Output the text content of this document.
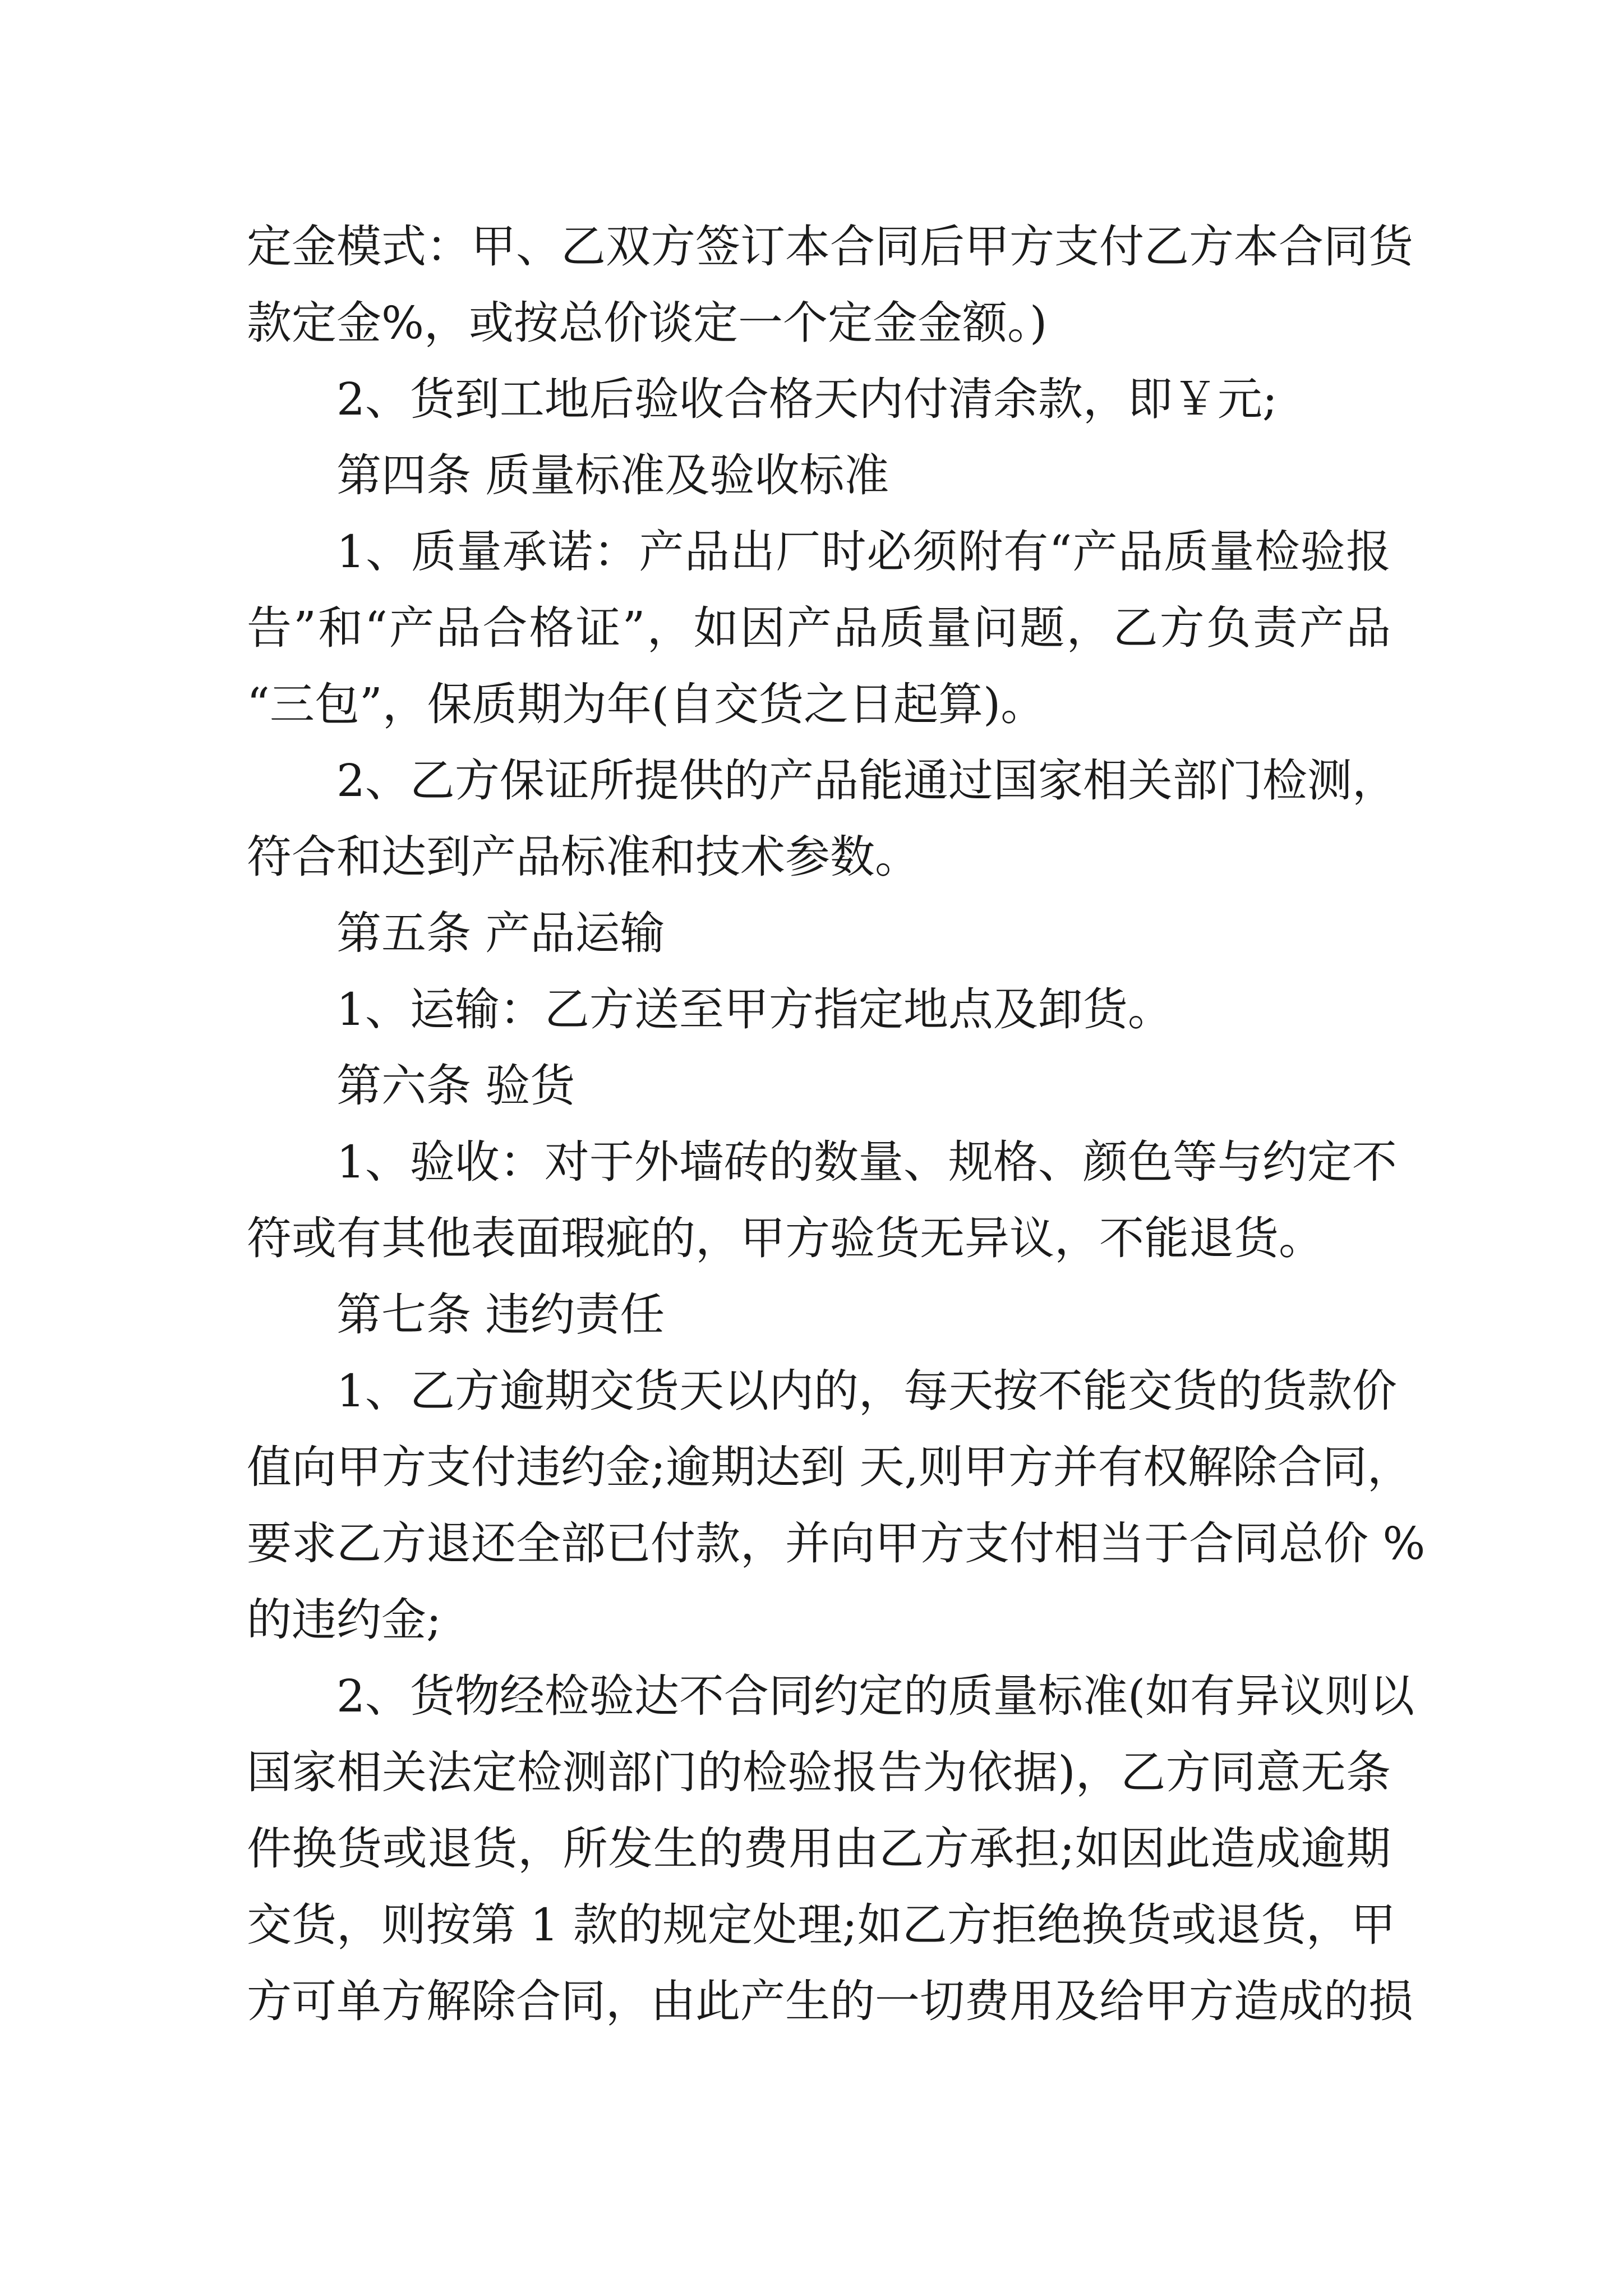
定金模式：甲、乙双方签订本合同后甲方支付乙方本合同货
款定金%，或按总价谈定一个定金金额。)
2、货到工地后验收合格天内付清余款，即￥元;
第四条 质量标准及验收标准
1、质量承诺：产品出厂时必须附有“产品质量检验报
告”和“产品合格证”，如因产品质量问题，乙方负责产品
“三包”，保质期为年(自交货之日起算)。
2、乙方保证所提供的产品能通过国家相关部门检测，
符合和达到产品标准和技术参数。
第五条 产品运输
1、运输：乙方送至甲方指定地点及卸货。
第六条 验货
1、验收：对于外墙砖的数量、规格、颜色等与约定不
符或有其他表面瑕疵的，甲方验货无异议，不能退货。
第七条 违约责任
1、乙方逾期交货天以内的，每天按不能交货的货款价
值向甲方支付违约金;逾期达到 天,则甲方并有权解除合同，
要求乙方退还全部已付款，并向甲方支付相当于合同总价 %
的违约金;
2、货物经检验达不合同约定的质量标准(如有异议则以
国家相关法定检测部门的检验报告为依据)，乙方同意无条
件换货或退货，所发生的费用由乙方承担;如因此造成逾期
交货，则按第 1 款的规定处理;如乙方拒绝换货或退货，甲
方可单方解除合同，由此产生的一切费用及给甲方造成的损
